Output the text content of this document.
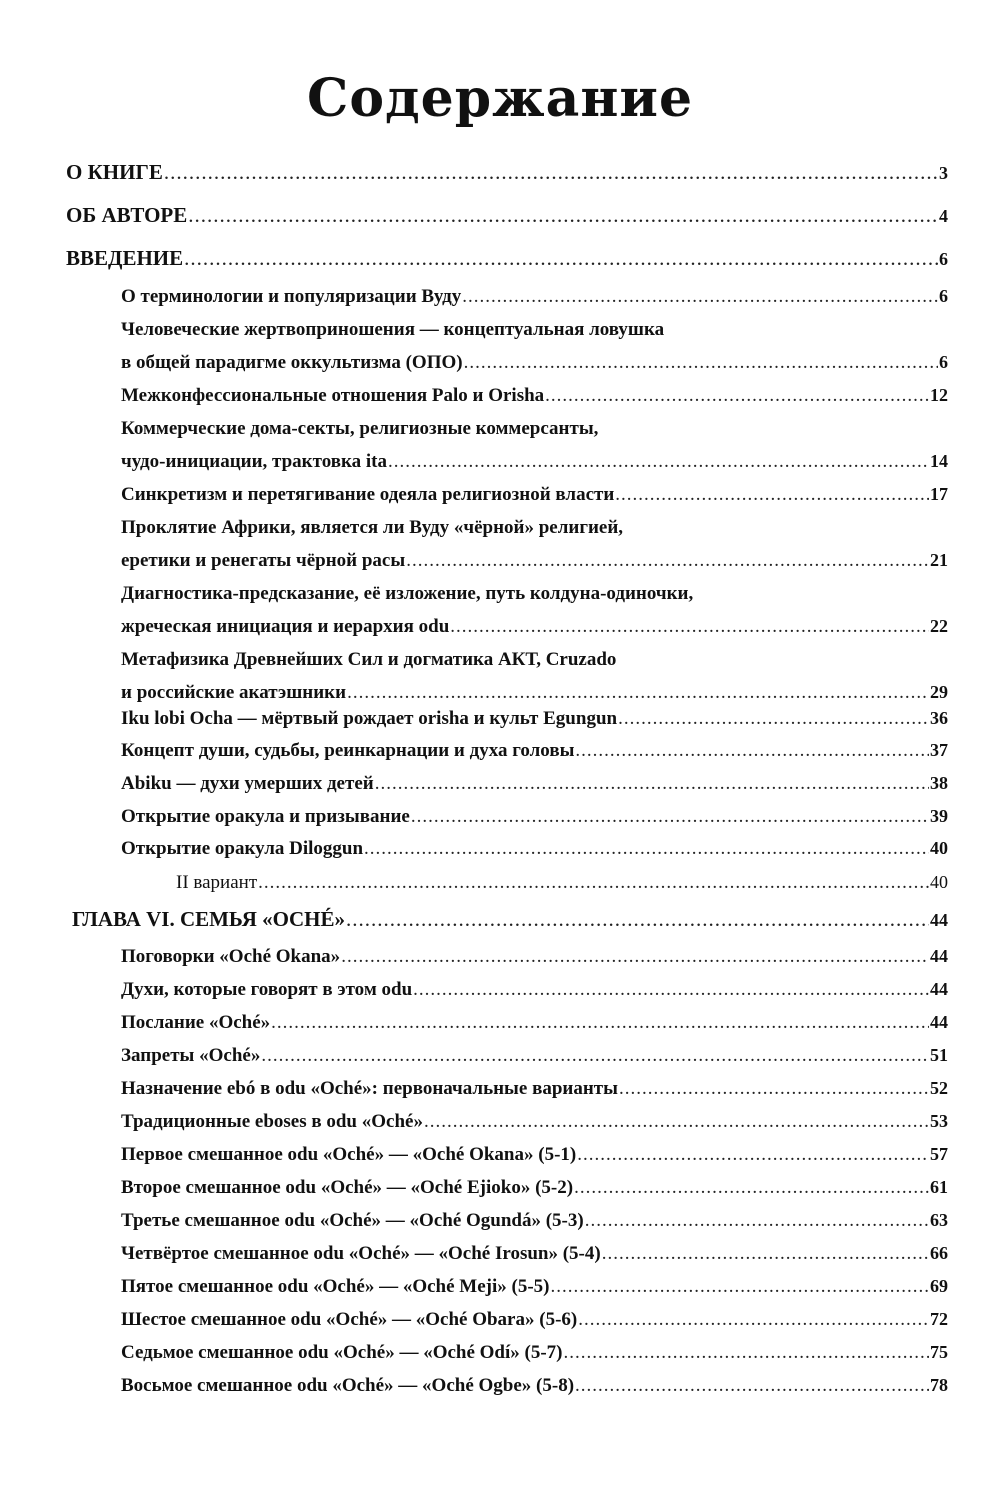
Содержание
О КНИГЕ .....	3
ОБ АВТОРЕ .....	4
ВВЕДЕНИЕ .....	6
О терминологии и популяризации Вуду .....	6
Человеческие жертвоприношения — концептуальная ловушка
в общей парадигме оккультизма (ОПО) .....	6
Межконфессиональные отношения Palo и Orisha .....	12
Коммерческие дома-секты, религиозные коммерсанты,
чудо-инициации, трактовка ita .....	14
Синкретизм и перетягивание одеяла религиозной власти .....	17
Проклятие Африки, является ли Вуду «чёрной» религией,
еретики и ренегаты чёрной расы .....	21
Диагностика-предсказание, её изложение, путь колдуна-одиночки,
жреческая инициация и иерархия odu .....	22
Метафизика Древнейших Сил и догматика АКТ, Cruzado
и российские акатэшники .....	29
Iku lobi Ocha — мёртвый рождает orisha и культ Egungun .....	36
Концепт души, судьбы, реинкарнации и духа головы .....	37
Abiku — духи умерших детей .....	38
Открытие оракула и призывание .....	39
Открытие оракула Diloggun .....	40
II вариант .....	40
ГЛАВА VI. СЕМЬЯ «OCHÉ» .....	44
Поговорки «Oché Okana» .....	44
Духи, которые говорят в этом odu .....	44
Послание «Oché» .....	44
Запреты «Oché» .....	51
Назначение ebó в odu «Oché»: первоначальные варианты .....	52
Традиционные eboses в odu «Oché» .....	53
Первое смешанное odu «Oché» — «Oché Okana» (5-1) .....	57
Второе смешанное odu «Oché» — «Oché Ejioko» (5-2) .....	61
Третье смешанное odu «Oché» — «Oché Ogundá» (5-3) .....	63
Четвёртое смешанное odu «Oché» — «Oché Irosun» (5-4) .....	66
Пятое смешанное odu «Oché» — «Oché Meji» (5-5) .....	69
Шестое смешанное odu «Oché» — «Oché Obara» (5-6) .....	72
Седьмое смешанное odu «Oché» — «Oché Odí» (5-7) .....	75
Восьмое смешанное odu «Oché» — «Oché Ogbe» (5-8) .....	78
